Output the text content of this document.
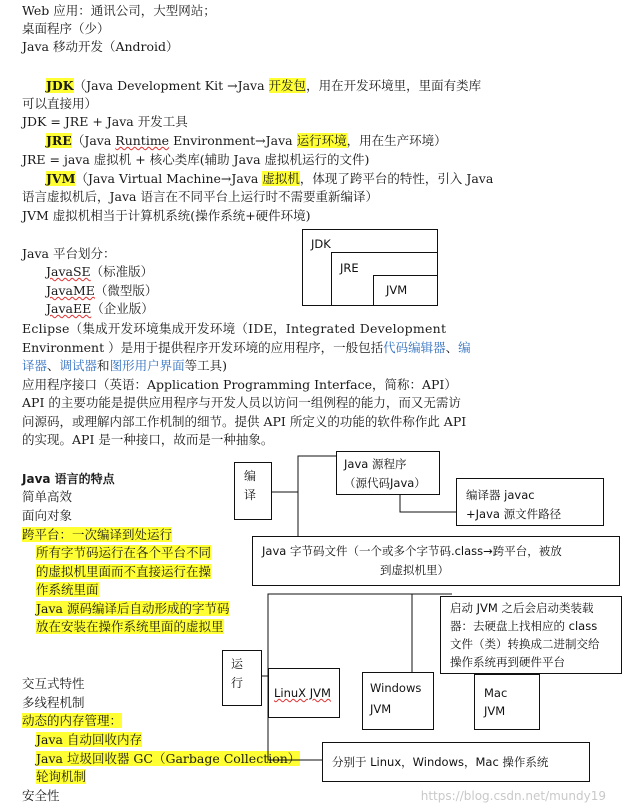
Web 应用：通讯公司，大型网站；
桌面程序（少）
Java 移动开发（Android）
JDK（Java Development Kit →Java 开发包，用在开发环境里，里面有类库
可以直接用）
JDK = JRE + Java 开发工具
JRE（Java Runtime Environment→Java 运行环境，用在生产环境）
JRE = java 虚拟机 + 核心类库(辅助 Java 虚拟机运行的文件)
JVM（Java Virtual Machine→Java 虚拟机，体现了跨平台的特性，引入 Java
语言虚拟机后，Java 语言在不同平台上运行时不需要重新编译）
JVM 虚拟机相当于计算机系统(操作系统+硬件环境)
Java 平台划分：
JavaSE（标准版）
JavaME（微型版）
JavaEE（企业版）
JDK
JRE
JVM
Eclipse（集成开发环境集成开发环境（IDE，Integrated Development
Environment ）是用于提供程序开发环境的应用程序，一般包括代码编辑器、编
译器、调试器和图形用户界面等工具)
应用程序接口（英语：Application Programming Interface，简称：API）
API 的主要功能是提供应用程序与开发人员以访问一组例程的能力，而又无需访
问源码，或理解内部工作机制的细节。提供 API 所定义的功能的软件称作此 API
的实现。API 是一种接口，故而是一种抽象。
Java 语言的特点
简单高效
面向对象
跨平台：一次编译到处运行
所有字节码运行在各个平台不同
的虚拟机里面而不直接运行在操
作系统里面
Java 源码编译后自动形成的字节码
放在安装在操作系统里面的虚拟里
交互式特性
多线程机制
动态的内存管理：
Java 自动回收内存
Java 垃圾回收器 GC（Garbage Collection）
轮询机制
安全性
编
译
Java 源程序
（源代码Java）
编译器 javac
+Java 源文件路径
Java 字节码文件（一个或多个字节码.class→跨平台，被放
到虚拟机里）
启动 JVM 之后会启动类装载
器：去硬盘上找相应的 class
文件（类）转换成二进制交给
操作系统再到硬件平台
运
行
LinuX JVM	Windows
JVM
Mac
JVM
分别于 Linux，Windows，Mac 操作系统
https://blog.csdn.net/mundy19
